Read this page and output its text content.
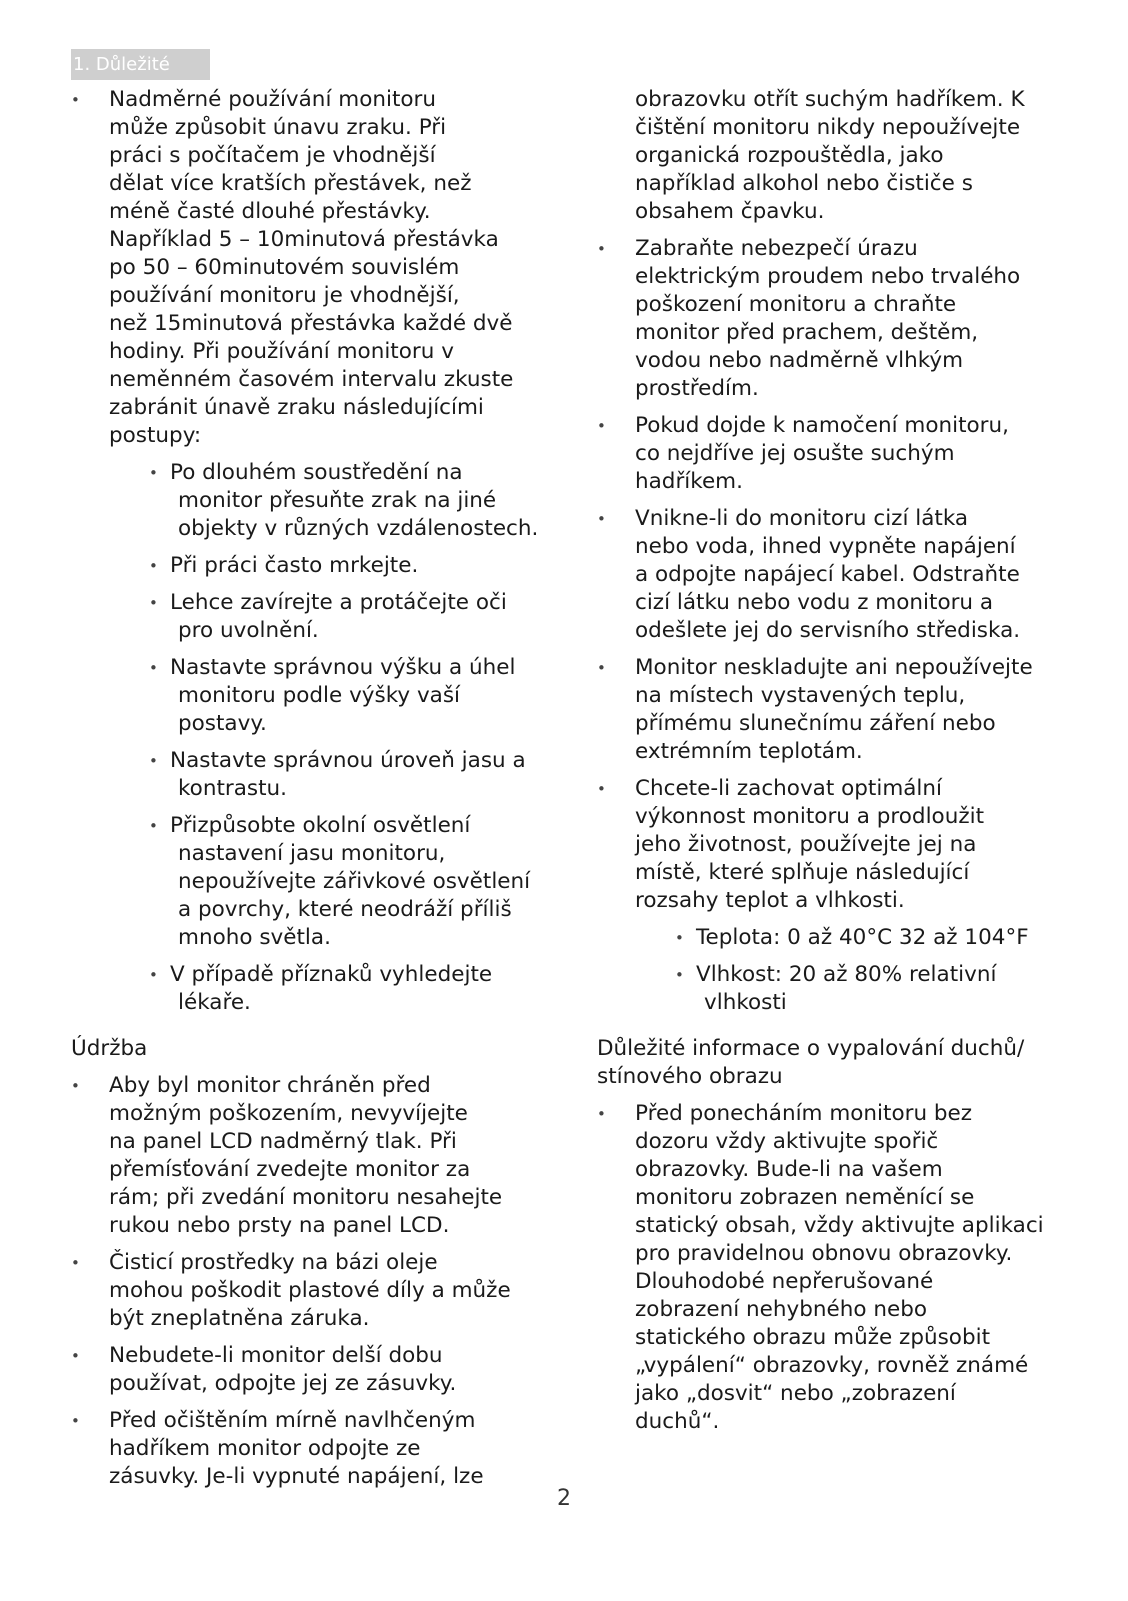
1. Důležité
• Nadměrné používání monitoru
může způsobit únavu zraku. Při
práci s počítačem je vhodnější
dělat více kratších přestávek, než
méně časté dlouhé přestávky.
Například 5 – 10minutová přestávka
po 50 – 60minutovém souvislém
používání monitoru je vhodnější,
než 15minutová přestávka každé dvě
hodiny. Při používání monitoru v
neměnném časovém intervalu zkuste
zabránit únavě zraku následujícími
postupy:
• Po dlouhém soustředění na
monitor přesuňte zrak na jiné
objekty v různých vzdálenostech.
• Při práci často mrkejte.
• Lehce zavírejte a protáčejte oči
pro uvolnění.
• Nastavte správnou výšku a úhel
monitoru podle výšky vaší
postavy.
• Nastavte správnou úroveň jasu a
kontrastu.
• Přizpůsobte okolní osvětlení
nastavení jasu monitoru,
nepoužívejte zářivkové osvětlení
a povrchy, které neodráží příliš
mnoho světla.
• V případě příznaků vyhledejte
lékaře.
Údržba
• Aby byl monitor chráněn před
možným poškozením, nevyvíjejte
na panel LCD nadměrný tlak. Při
přemísťování zvedejte monitor za
rám; při zvedání monitoru nesahejte
rukou nebo prsty na panel LCD.
• Čisticí prostředky na bázi oleje
mohou poškodit plastové díly a může
být zneplatněna záruka.
• Nebudete-li monitor delší dobu
používat, odpojte jej ze zásuvky.
• Před očištěním mírně navlhčeným
hadříkem monitor odpojte ze
zásuvky. Je-li vypnuté napájení, lze
obrazovku otřít suchým hadříkem. K
čištění monitoru nikdy nepoužívejte
organická rozpouštědla, jako
například alkohol nebo čističe s
obsahem čpavku.
• Zabraňte nebezpečí úrazu
elektrickým proudem nebo trvalého
poškození monitoru a chraňte
monitor před prachem, deštěm,
vodou nebo nadměrně vlhkým
prostředím.
• Pokud dojde k namočení monitoru,
co nejdříve jej osušte suchým
hadříkem.
• Vnikne-li do monitoru cizí látka
nebo voda, ihned vypněte napájení
a odpojte napájecí kabel. Odstraňte
cizí látku nebo vodu z monitoru a
odešlete jej do servisního střediska.
• Monitor neskladujte ani nepoužívejte
na místech vystavených teplu,
přímému slunečnímu záření nebo
extrémním teplotám.
• Chcete-li zachovat optimální
výkonnost monitoru a prodloužit
jeho životnost, používejte jej na
místě, které splňuje následující
rozsahy teplot a vlhkosti.
• Teplota: 0 až 40°C 32 až 104°F
• Vlhkost: 20 až 80% relativní
vlhkosti
Důležité informace o vypalování duchů/
stínového obrazu
• Před ponecháním monitoru bez
dozoru vždy aktivujte spořič
obrazovky. Bude-li na vašem
monitoru zobrazen neměnící se
statický obsah, vždy aktivujte aplikaci
pro pravidelnou obnovu obrazovky.
Dlouhodobé nepřerušované
zobrazení nehybného nebo
statického obrazu může způsobit
„vypálení“ obrazovky, rovněž známé
jako „dosvit“ nebo „zobrazení
duchů“.
2
